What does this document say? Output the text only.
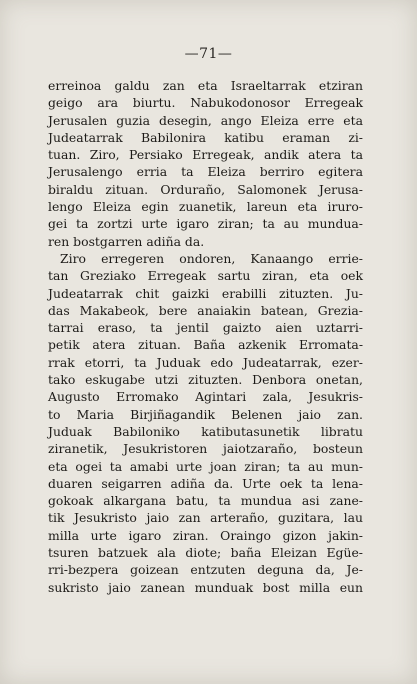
—71—
erreinoa galdu zan eta Israeltarrak etziran
geigo ara biurtu. Nabukodonosor Erregeak
Jerusalen guzia desegin, ango Eleiza erre eta
Judeatarrak Babilonira katibu eraman zi-
tuan. Ziro, Persiako Erregeak, andik atera ta
Jerusalengo erria ta Eleiza berriro egitera
biraldu zituan. Orduraño, Salomonek Jerusa-
lengo Eleiza egin zuanetik, lareun eta iruro-
gei ta zortzi urte igaro ziran; ta au mundua-
ren bostgarren adiña da.
Ziro erregeren ondoren, Kanaango errie-
tan Greziako Erregeak sartu ziran, eta oek
Judeatarrak chit gaizki erabilli zituzten. Ju-
das Makabeok, bere anaiakin batean, Grezia-
tarrai eraso, ta jentil gaizto aien uztarri-
petik atera zituan. Baña azkenik Erromata-
rrak etorri, ta Juduak edo Judeatarrak, ezer-
tako eskugabe utzi zituzten. Denbora onetan,
Augusto Erromako Agintari zala, Jesukris-
to Maria Birjiñagandik Belenen jaio zan.
Juduak Babiloniko katibutasunetik libratu
ziranetik, Jesukristoren jaiotzaraño, bosteun
eta ogei ta amabi urte joan ziran; ta au mun-
duaren seigarren adiña da. Urte oek ta lena-
gokoak alkargana batu, ta mundua asi zane-
tik Jesukristo jaio zan arteraño, guzitara, lau
milla urte igaro ziran. Oraingo gizon jakin-
tsuren batzuek ala diote; baña Eleizan Egüe-
rri-bezpera goizean entzuten deguna da, Je-
sukristo jaio zanean munduak bost milla eun
